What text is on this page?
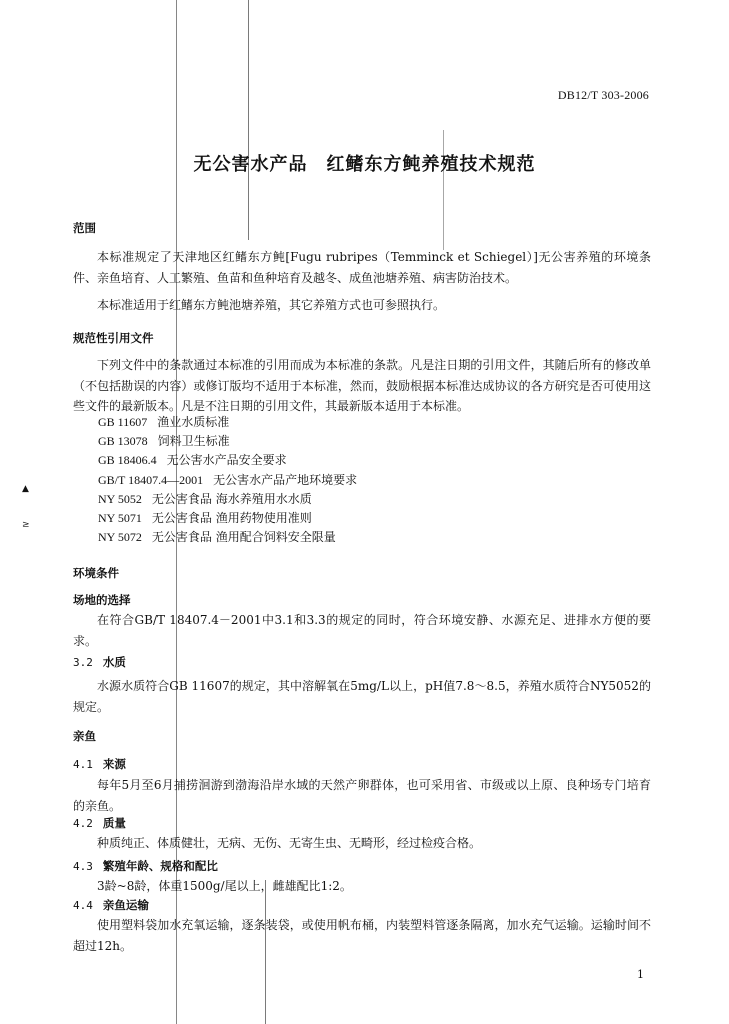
DB12/T 303-2006
无公害水产品　红鳍东方鲀养殖技术规范
范围

本标准规定了天津地区红鳍东方鲀[Fugu rubripes（Temminck et Schiegel）]无公害养殖的环境条件、亲鱼培育、人工繁殖、鱼苗和鱼种培育及越冬、成鱼池塘养殖、病害防治技术。

本标准适用于红鳍东方鲀池塘养殖，其它养殖方式也可参照执行。

规范性引用文件

下列文件中的条款通过本标准的引用而成为本标准的条款。凡是注日期的引用文件，其随后所有的修改单（不包括勘误的内容）或修订版均不适用于本标准，然而，鼓励根据本标准达成协议的各方研究是否可使用这些文件的最新版本。凡是不注日期的引用文件，其最新版本适用于本标准。

GB 11607 渔业水质标准
GB 13078 饲料卫生标准
GB 18406.4 无公害水产品安全要求
GB/T 18407.4—2001 无公害水产品产地环境要求
NY 5052 无公害食品 海水养殖用水水质
NY 5071 无公害食品 渔用药物使用准则
NY 5072 无公害食品 渔用配合饲料安全限量
环境条件
场地的选择

在符合GB/T 18407.4－2001中3.1和3.3的规定的同时，符合环境安静、水源充足、进排水方便的要求。

3.2 水质

水源水质符合GB 11607的规定，其中溶解氧在5mg/L以上，pH值7.8～8.5，养殖水质符合NY5052的规定。

亲鱼
4.1 来源

每年5月至6月捕捞洄游到渤海沿岸水域的天然产卵群体，也可采用省、市级或以上原、良种场专门培育的亲鱼。

4.2 质量

种质纯正、体质健壮，无病、无伤、无寄生虫、无畸形，经过检疫合格。

4.3 繁殖年龄、规格和配比

3龄~8龄，体重1500g/尾以上，雌雄配比1:2。

4.4 亲鱼运输

使用塑料袋加水充氧运输，逐条装袋，或使用帆布桶，内装塑料管逐条隔离，加水充气运输。运输时间不超过12h。

▲
≥
1
